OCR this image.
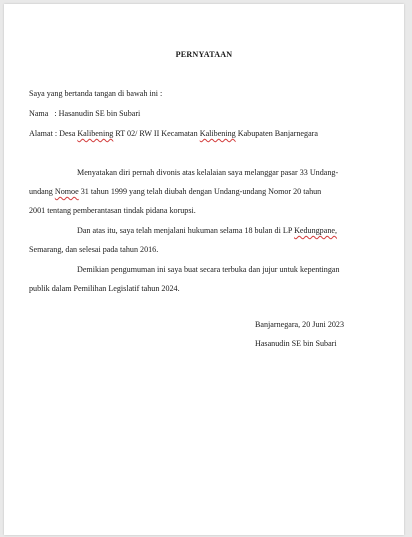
PERNYATAAN
Saya yang bertanda tangan di bawah ini :
Nama   : Hasanudin SE bin Subari
Alamat : Desa Kalibening RT 02/ RW II Kecamatan Kalibening Kabupaten Banjarnegara
Menyatakan diri pernah divonis atas kelalaian saya melanggar pasar 33 Undang-
undang Nomoe 31 tahun 1999 yang telah diubah dengan Undang-undang Nomor 20 tahun
2001 tentang pemberantasan tindak pidana korupsi.
Dan atas itu, saya telah menjalani hukuman selama 18 bulan di LP Kedungpane,
Semarang, dan selesai pada tahun 2016.
Demikian pengumuman ini saya buat secara terbuka dan jujur untuk kepentingan
publik dalam Pemilihan Legislatif tahun 2024.
Banjarnegara, 20 Juni 2023
Hasanudin SE bin Subari
